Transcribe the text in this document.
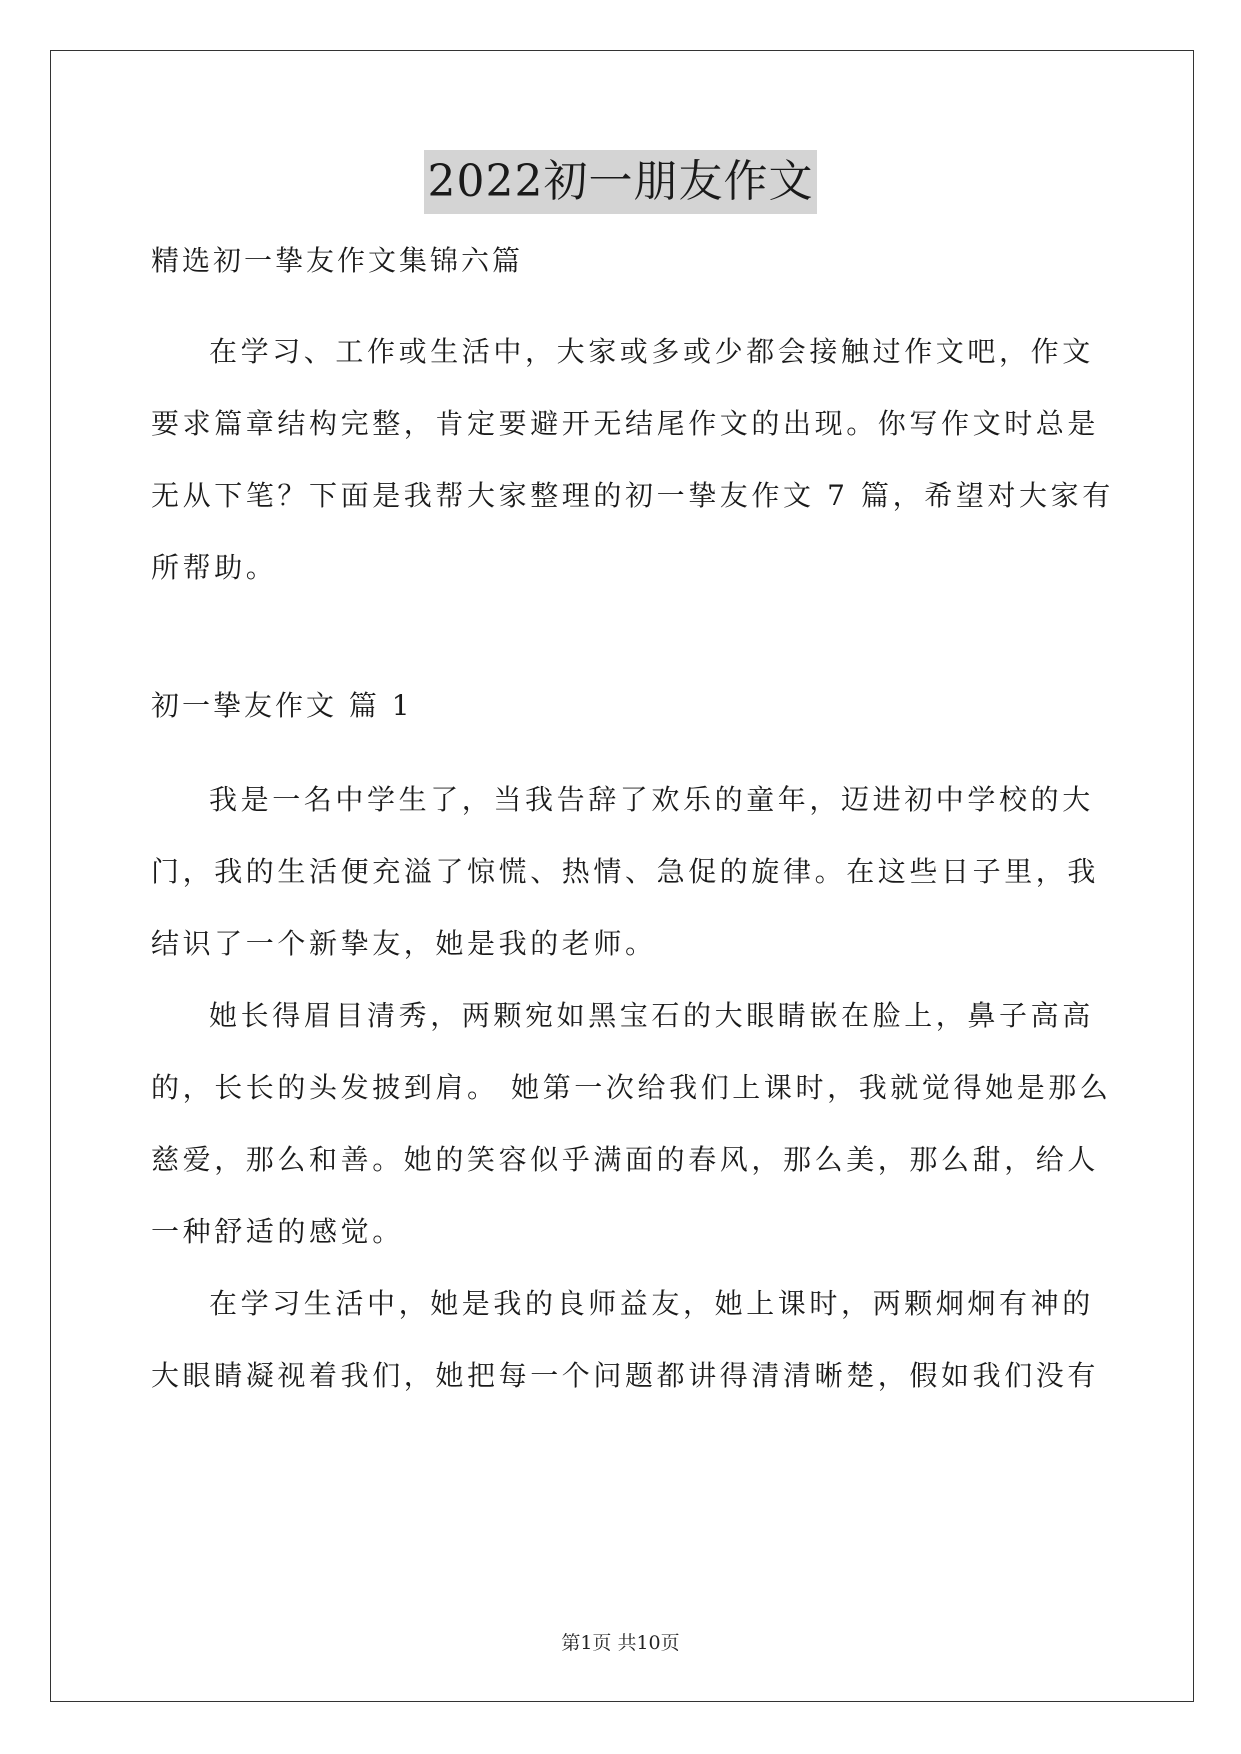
2022初一朋友作文

精选初一挚友作文集锦六篇

在学习、工作或生活中，大家或多或少都会接触过作文吧，作文
要求篇章结构完整，肯定要避开无结尾作文的出现。你写作文时总是
无从下笔？下面是我帮大家整理的初一挚友作文 7 篇，希望对大家有
所帮助。

初一挚友作文 篇 1

我是一名中学生了，当我告辞了欢乐的童年，迈进初中学校的大
门，我的生活便充溢了惊慌、热情、急促的旋律。在这些日子里，我
结识了一个新挚友，她是我的老师。
她长得眉目清秀，两颗宛如黑宝石的大眼睛嵌在脸上，鼻子高高
的，长长的头发披到肩。 她第一次给我们上课时，我就觉得她是那么
慈爱，那么和善。她的笑容似乎满面的春风，那么美，那么甜，给人
一种舒适的感觉。
在学习生活中，她是我的良师益友，她上课时，两颗炯炯有神的
大眼睛凝视着我们，她把每一个问题都讲得清清晰楚，假如我们没有
第1页 共10页
